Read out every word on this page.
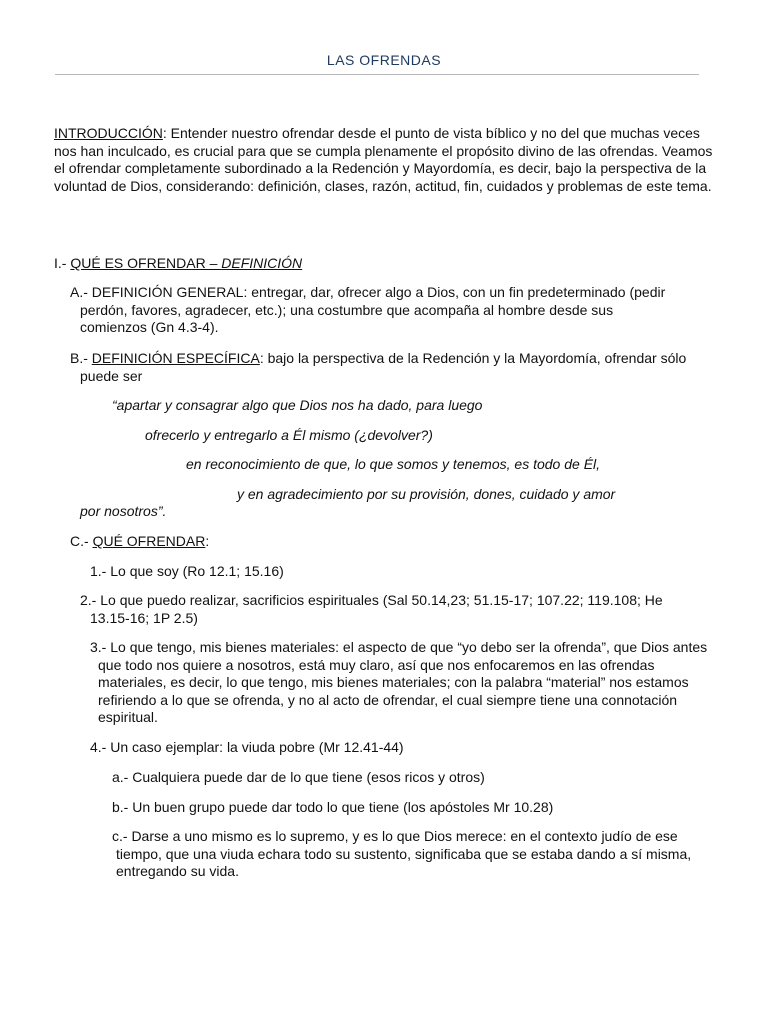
LAS OFRENDAS
INTRODUCCIÓN: Entender nuestro ofrendar desde el punto de vista bíblico y no del que muchas veces nos han inculcado, es crucial para que se cumpla plenamente el propósito divino de las ofrendas. Veamos el ofrendar completamente subordinado a la Redención y Mayordomía, es decir, bajo la perspectiva de la voluntad de Dios, considerando: definición, clases, razón, actitud, fin, cuidados y problemas de este tema.
I.- QUÉ ES OFRENDAR – DEFINICIÓN
A.- DEFINICIÓN GENERAL: entregar, dar, ofrecer algo a Dios, con un fin predeterminado (pedir perdón, favores, agradecer, etc.); una costumbre que acompaña al hombre desde sus comienzos (Gn 4.3-4).
B.- DEFINICIÓN ESPECÍFICA: bajo la perspectiva de la Redención y la Mayordomía, ofrendar sólo puede ser
“apartar y consagrar algo que Dios nos ha dado, para luego
ofrecerlo y entregarlo a Él mismo (¿devolver?)
en reconocimiento de que, lo que somos y tenemos, es todo de Él,
y en agradecimiento por su provisión, dones, cuidado y amor
por nosotros”.
C.- QUÉ OFRENDAR:
1.- Lo que soy (Ro 12.1; 15.16)
2.- Lo que puedo realizar, sacrificios espirituales (Sal 50.14,23; 51.15-17; 107.22; 119.108; He 13.15-16; 1P 2.5)
3.- Lo que tengo, mis bienes materiales: el aspecto de que “yo debo ser la ofrenda”, que Dios antes que todo nos quiere a nosotros, está muy claro, así que nos enfocaremos en las ofrendas materiales, es decir, lo que tengo, mis bienes materiales; con la palabra “material” nos estamos refiriendo a lo que se ofrenda, y no al acto de ofrendar, el cual siempre tiene una connotación espiritual.
4.- Un caso ejemplar: la viuda pobre (Mr 12.41-44)
a.- Cualquiera puede dar de lo que tiene (esos ricos y otros)
b.- Un buen grupo puede dar todo lo que tiene (los apóstoles Mr 10.28)
c.- Darse a uno mismo es lo supremo, y es lo que Dios merece: en el contexto judío de ese tiempo, que una viuda echara todo su sustento, significaba que se estaba dando a sí misma, entregando su vida.
